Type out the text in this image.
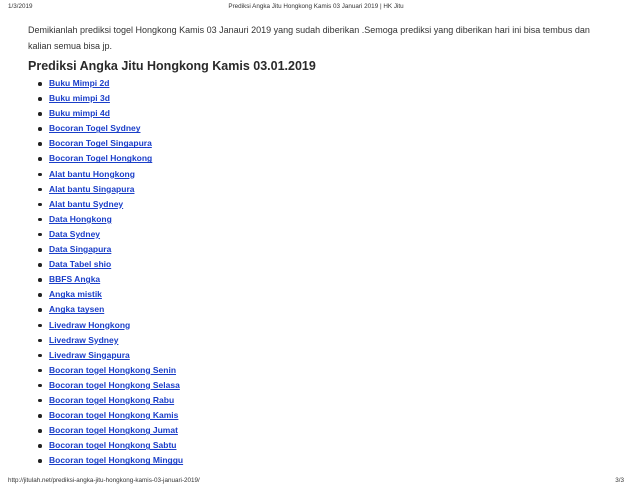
1/3/2019	Prediksi Angka Jitu Hongkong Kamis 03 Januari 2019 | HK Jitu
Demikianlah prediksi togel Hongkong Kamis 03 Janauri 2019 yang sudah diberikan .Semoga prediksi yang diberikan hari ini bisa tembus dan kalian semua bisa jp.
Prediksi Angka Jitu Hongkong Kamis 03.01.2019
Buku Mimpi 2d
Buku mimpi 3d
Buku mimpi 4d
Bocoran Togel Sydney
Bocoran Togel Singapura
Bocoran Togel Hongkong
Alat bantu Hongkong
Alat bantu Singapura
Alat bantu Sydney
Data Hongkong
Data Sydney
Data Singapura
Data Tabel shio
BBFS Angka
Angka mistik
Angka taysen
Livedraw Hongkong
Livedraw Sydney
Livedraw Singapura
Bocoran togel Hongkong Senin
Bocoran togel Hongkong Selasa
Bocoran togel Hongkong Rabu
Bocoran togel Hongkong Kamis
Bocoran togel Hongkong Jumat
Bocoran togel Hongkong Sabtu
Bocoran togel Hongkong Minggu
http://jitulah.net/prediksi-angka-jitu-hongkong-kamis-03-januari-2019/	3/3
